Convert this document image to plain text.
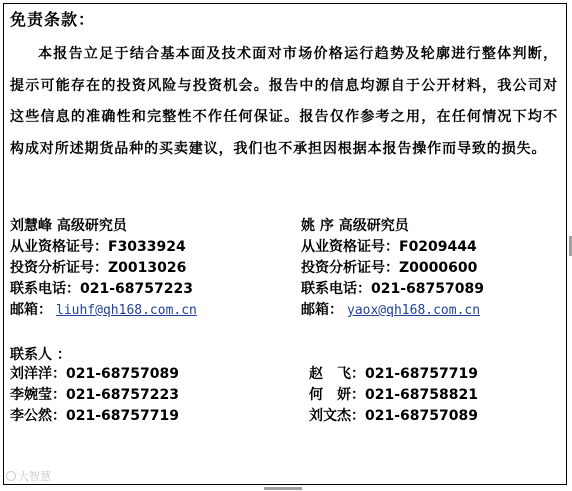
免责条款：

本报告立足于结合基本面及技术面对市场价格运行趋势及轮廓进行整体判断，提示可能存在的投资风险与投资机会。报告中的信息均源自于公开材料，我公司对这些信息的准确性和完整性不作任何保证。报告仅作参考之用，在任何情况下均不构成对所述期货品种的买卖建议，我们也不承担因根据本报告操作而导致的损失。

刘慧峰 高级研究员
从业资格证号：F3033924
投资分析证号：Z0013026
联系电话：021-68757223
邮箱： liuhf@qh168.com.cn
姚 序 高级研究员
从业资格证号：F0209444
投资分析证号：Z0000600
联系电话：021-68757089
邮箱： yaox@qh168.com.cn
联系人 ：
刘洋洋：021-68757089
李婉莹：021-68757223
李公然：021-68757719
赵　飞：021-68757719
何　妍：021-68758821
刘文杰：021-68757089
大智慧
